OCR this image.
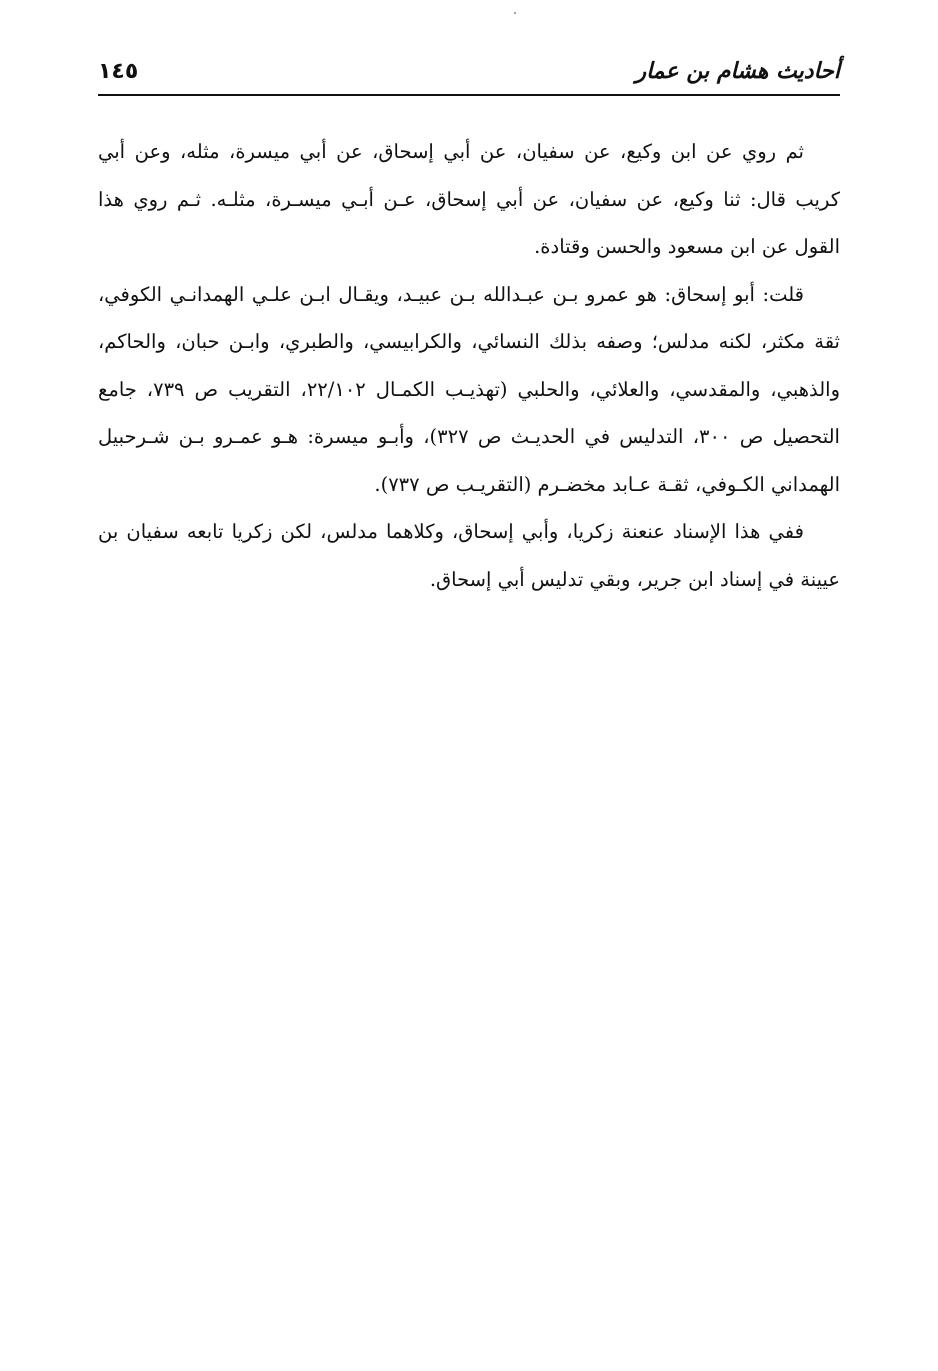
أحاديث هشام بن عمار
١٤٥

ثم روي عن ابن وكيع، عن سفيان، عن أبي إسحاق، عن أبي ميسرة، مثله، وعن أبي كريب قال: ثنا وكيع، عن سفيان، عن أبي إسحاق، عـن أبـي ميسـرة، مثلـه. ثـم روي هذا القول عن ابن مسعود والحسن وقتادة.

قلت: أبو إسحاق: هو عمرو بـن عبـدالله بـن عبيـد، ويقـال ابـن علـي الهمدانـي الكوفي، ثقة مكثر، لكنه مدلس؛ وصفه بذلك النسائي، والكرابيسي، والطبري، وابـن حبان، والحاكم، والذهبي، والمقدسي، والعلائي، والحلبي (تهذيـب الكمـال ٢٢/١٠٢، التقريب ص ٧٣٩، جامع التحصيل ص ٣٠٠، التدليس في الحديـث ص ٣٢٧)، وأبـو ميسرة: هـو عمـرو بـن شـرحبيل الهمداني الكـوفي، ثقـة عـابد مخضـرم (التقريـب ص ٧٣٧).

ففي هذا الإسناد عنعنة زكريا، وأبي إسحاق، وكلاهما مدلس، لكن زكريا تابعه سفيان بن عيينة في إسناد ابن جرير، وبقي تدليس أبي إسحاق.
